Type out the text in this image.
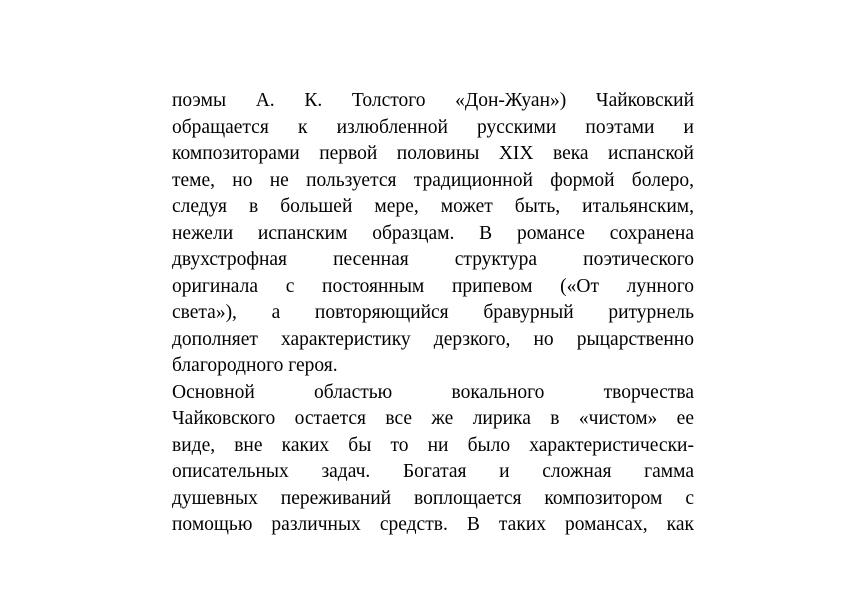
поэмы А. К. Толстого «Дон-Жуан») Чайковский
обращается к излюбленной русскими поэтами и
композиторами первой половины XIX века испанской
теме, но не пользуется традиционной формой болеро,
следуя в большей мере, может быть, итальянским,
нежели испанским образцам. В романсе сохранена
двухстрофная песенная структура поэтического
оригинала с постоянным припевом («От лунного
света»), а повторяющийся бравурный ритурнель
дополняет характеристику дерзкого, но рыцарственно
благородного героя.
Основной областью вокального творчества
Чайковского остается все же лирика в «чистом» ее
виде, вне каких бы то ни было характеристически-
описательных задач. Богатая и сложная гамма
душевных переживаний воплощается композитором с
помощью различных средств. В таких романсах, как
